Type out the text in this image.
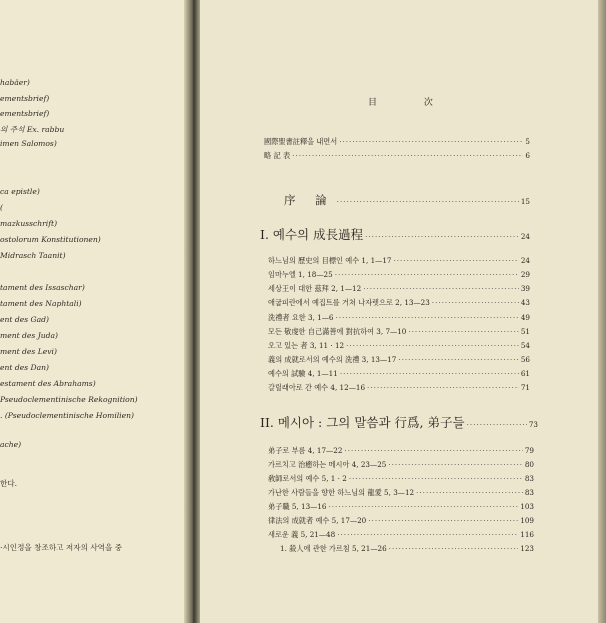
habäer)
ementsbrief)
ementsbrief)
의 주석 Ex. rabbu
imen Salomos)
ca epistle)
(
mazkusschrift)
ostolorum Konstitutionen)
Midrasch Taanit)
tament des Issaschar)
tament des Naphtali)
ent des Gad)
ment des Juda)
ment des Levi)
ent des Dan)
estament des Abrahams)
Pseudoclementinische Rekognition)
. (Pseudoclementinische Homilien)
ache)
한다.
·시인정을 창조하고 저자의 사역을 중
目 次
國際聖書註釋을 내면서 ·····	5
略 記 表 ·····	6
序 論 ·····	15
I. 예수의 成長過程 ·····	24
하느님의 歷史의 目標인 예수 1, 1—17 ·····	24
임마누엘 1, 18—25 ·····	29
세상王이 대한 茲拜 2, 1—12 ·····	39
애굽피란에서 예집트를 거쳐 나자렛으로 2, 13—23 ·····	43
洗禮者 요한 3, 1—6 ·····	49
모든 敬虔한 自己滿善에 對抗하여 3, 7—10 ·····	51
오고 있는 者 3, 11 · 12 ·····	54
義의 成就로서의 예수의 洗禮 3, 13—17 ·····	56
예수의 試驗 4, 1—11 ·····	61
갈릴래아로 간 예수 4, 12—16 ·····	71
II. 메시아 : 그의 말씀과 行爲, 弟子들 ·····	73
弟子로 부름 4, 17—22 ·····	79
가르치고 治癒하는 메시아 4, 23—25 ·····	80
敎師로서의 예수 5, 1 · 2 ·····	83
가난한 사람들을 향한 하느님의 龍愛 5, 3—12 ·····	83
弟子職 5, 13—16 ·····	103
律法의 成就者 예수 5, 17—20 ·····	109
새로운 義 5, 21—48 ·····	116
1. 殺人에 관한 가르침 5, 21—26 ·····	123
